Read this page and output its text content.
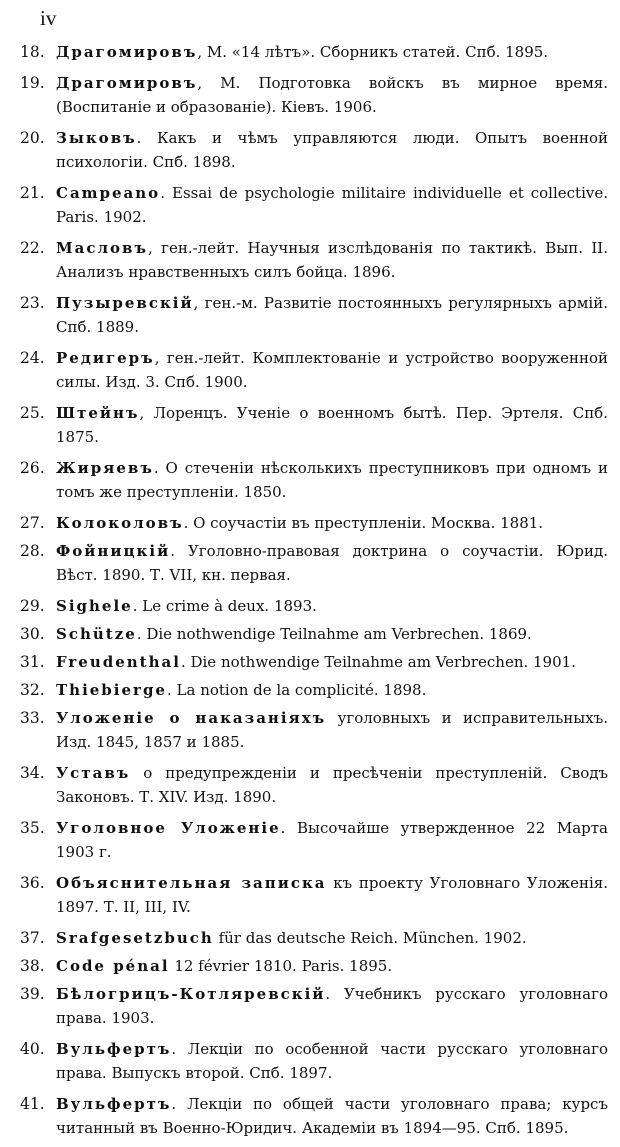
iv
18. Драгомировъ, М. «14 лѣтъ». Сборникъ статей. Спб. 1895.
19. Драгомировъ, М. Подготовка войскъ въ мирное время. (Воспитаніе и образованіе). Кіевъ. 1906.
20. Зыковъ. Какъ и чѣмъ управляются люди. Опытъ военной психологіи. Спб. 1898.
21. Campeano. Essai de psychologie militaire individuelle et collective. Paris. 1902.
22. Масловъ, ген.-лейт. Научныя изслѣдованія по тактикѣ. Вып. II. Анализъ нравственныхъ силъ бойца. 1896.
23. Пузыревскій, ген.-м. Развитіе постоянныхъ регулярныхъ армій. Спб. 1889.
24. Редигеръ, ген.-лейт. Комплектованіе и устройство вооруженной силы. Изд. 3. Спб. 1900.
25. Штейнъ, Лоренцъ. Ученіе о военномъ бытѣ. Пер. Эртеля. Спб. 1875.
26. Жиряевъ. О стеченіи нѣсколькихъ преступниковъ при одномъ и томъ же преступленіи. 1850.
27. Колоколовъ. О соучастіи въ преступленіи. Москва. 1881.
28. Фойницкій. Уголовно-правовая доктрина о соучастіи. Юрид. Вѣст. 1890. Т. VII, кн. первая.
29. Sighele. Le crime à deux. 1893.
30. Schütze. Die nothwendige Teilnahme am Verbrechen. 1869.
31. Freudenthal. Die nothwendige Teilnahme am Verbrechen. 1901.
32. Thiebierge. La notion de la complicité. 1898.
33. Уложеніе о наказаніяхъ уголовныхъ и исправительныхъ. Изд. 1845, 1857 и 1885.
34. Уставъ о предупрежденіи и пресѣченіи преступленій. Сводъ Законовъ. Т. XIV. Изд. 1890.
35. Уголовное Уложеніе. Высочайше утвержденное 22 Марта 1903 г.
36. Объяснительная записка къ проекту Уголовнаго Уложенія. 1897. Т. II, III, IV.
37. Srafgesetzbuch für das deutsche Reich. München. 1902.
38. Code pénal 12 février 1810. Paris. 1895.
39. Бѣлогрицъ-Котляревскій. Учебникъ русскаго уголовнаго права. 1903.
40. Вульфертъ. Лекціи по особенной части русскаго уголовнаго права. Выпускъ второй. Спб. 1897.
41. Вульфертъ. Лекціи по общей части уголовнаго права; курсъ читанный въ Военно-Юридич. Академіи въ 1894—95. Спб. 1895.
